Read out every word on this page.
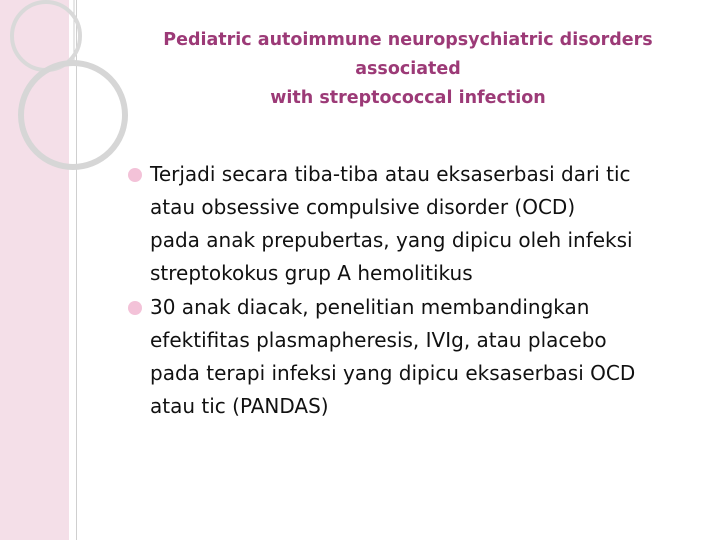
Pediatric autoimmune neuropsychiatric disorders
associated
with streptococcal infection
Terjadi secara tiba-tiba atau eksaserbasi dari tic
atau obsessive compulsive disorder (OCD)
pada anak prepubertas, yang dipicu oleh infeksi
streptokokus grup A hemolitikus
30 anak diacak, penelitian membandingkan
efektifitas plasmapheresis, IVIg, atau placebo
pada terapi infeksi yang dipicu eksaserbasi OCD
atau tic (PANDAS)
